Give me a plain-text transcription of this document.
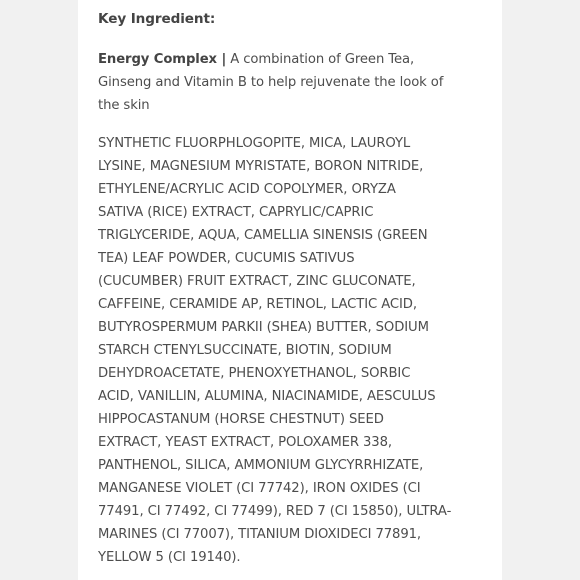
Key Ingredient:

Energy Complex | A combination of Green Tea,
Ginseng and Vitamin B to help rejuvenate the look of
the skin

SYNTHETIC FLUORPHLOGOPITE, MICA, LAUROYL
LYSINE, MAGNESIUM MYRISTATE, BORON NITRIDE,
ETHYLENE/ACRYLIC ACID COPOLYMER, ORYZA
SATIVA (RICE) EXTRACT, CAPRYLIC/CAPRIC
TRIGLYCERIDE, AQUA, CAMELLIA SINENSIS (GREEN
TEA) LEAF POWDER, CUCUMIS SATIVUS
(CUCUMBER) FRUIT EXTRACT, ZINC GLUCONATE,
CAFFEINE, CERAMIDE AP, RETINOL, LACTIC ACID,
BUTYROSPERMUM PARKII (SHEA) BUTTER, SODIUM
STARCH CTENYLSUCCINATE, BIOTIN, SODIUM
DEHYDROACETATE, PHENOXYETHANOL, SORBIC
ACID, VANILLIN, ALUMINA, NIACINAMIDE, AESCULUS
HIPPOCASTANUM (HORSE CHESTNUT) SEED
EXTRACT, YEAST EXTRACT, POLOXAMER 338,
PANTHENOL, SILICA, AMMONIUM GLYCYRRHIZATE,
MANGANESE VIOLET (CI 77742), IRON OXIDES (CI
77491, CI 77492, CI 77499), RED 7 (CI 15850), ULTRA-
MARINES (CI 77007), TITANIUM DIOXIDECI 77891,
YELLOW 5 (CI 19140).
